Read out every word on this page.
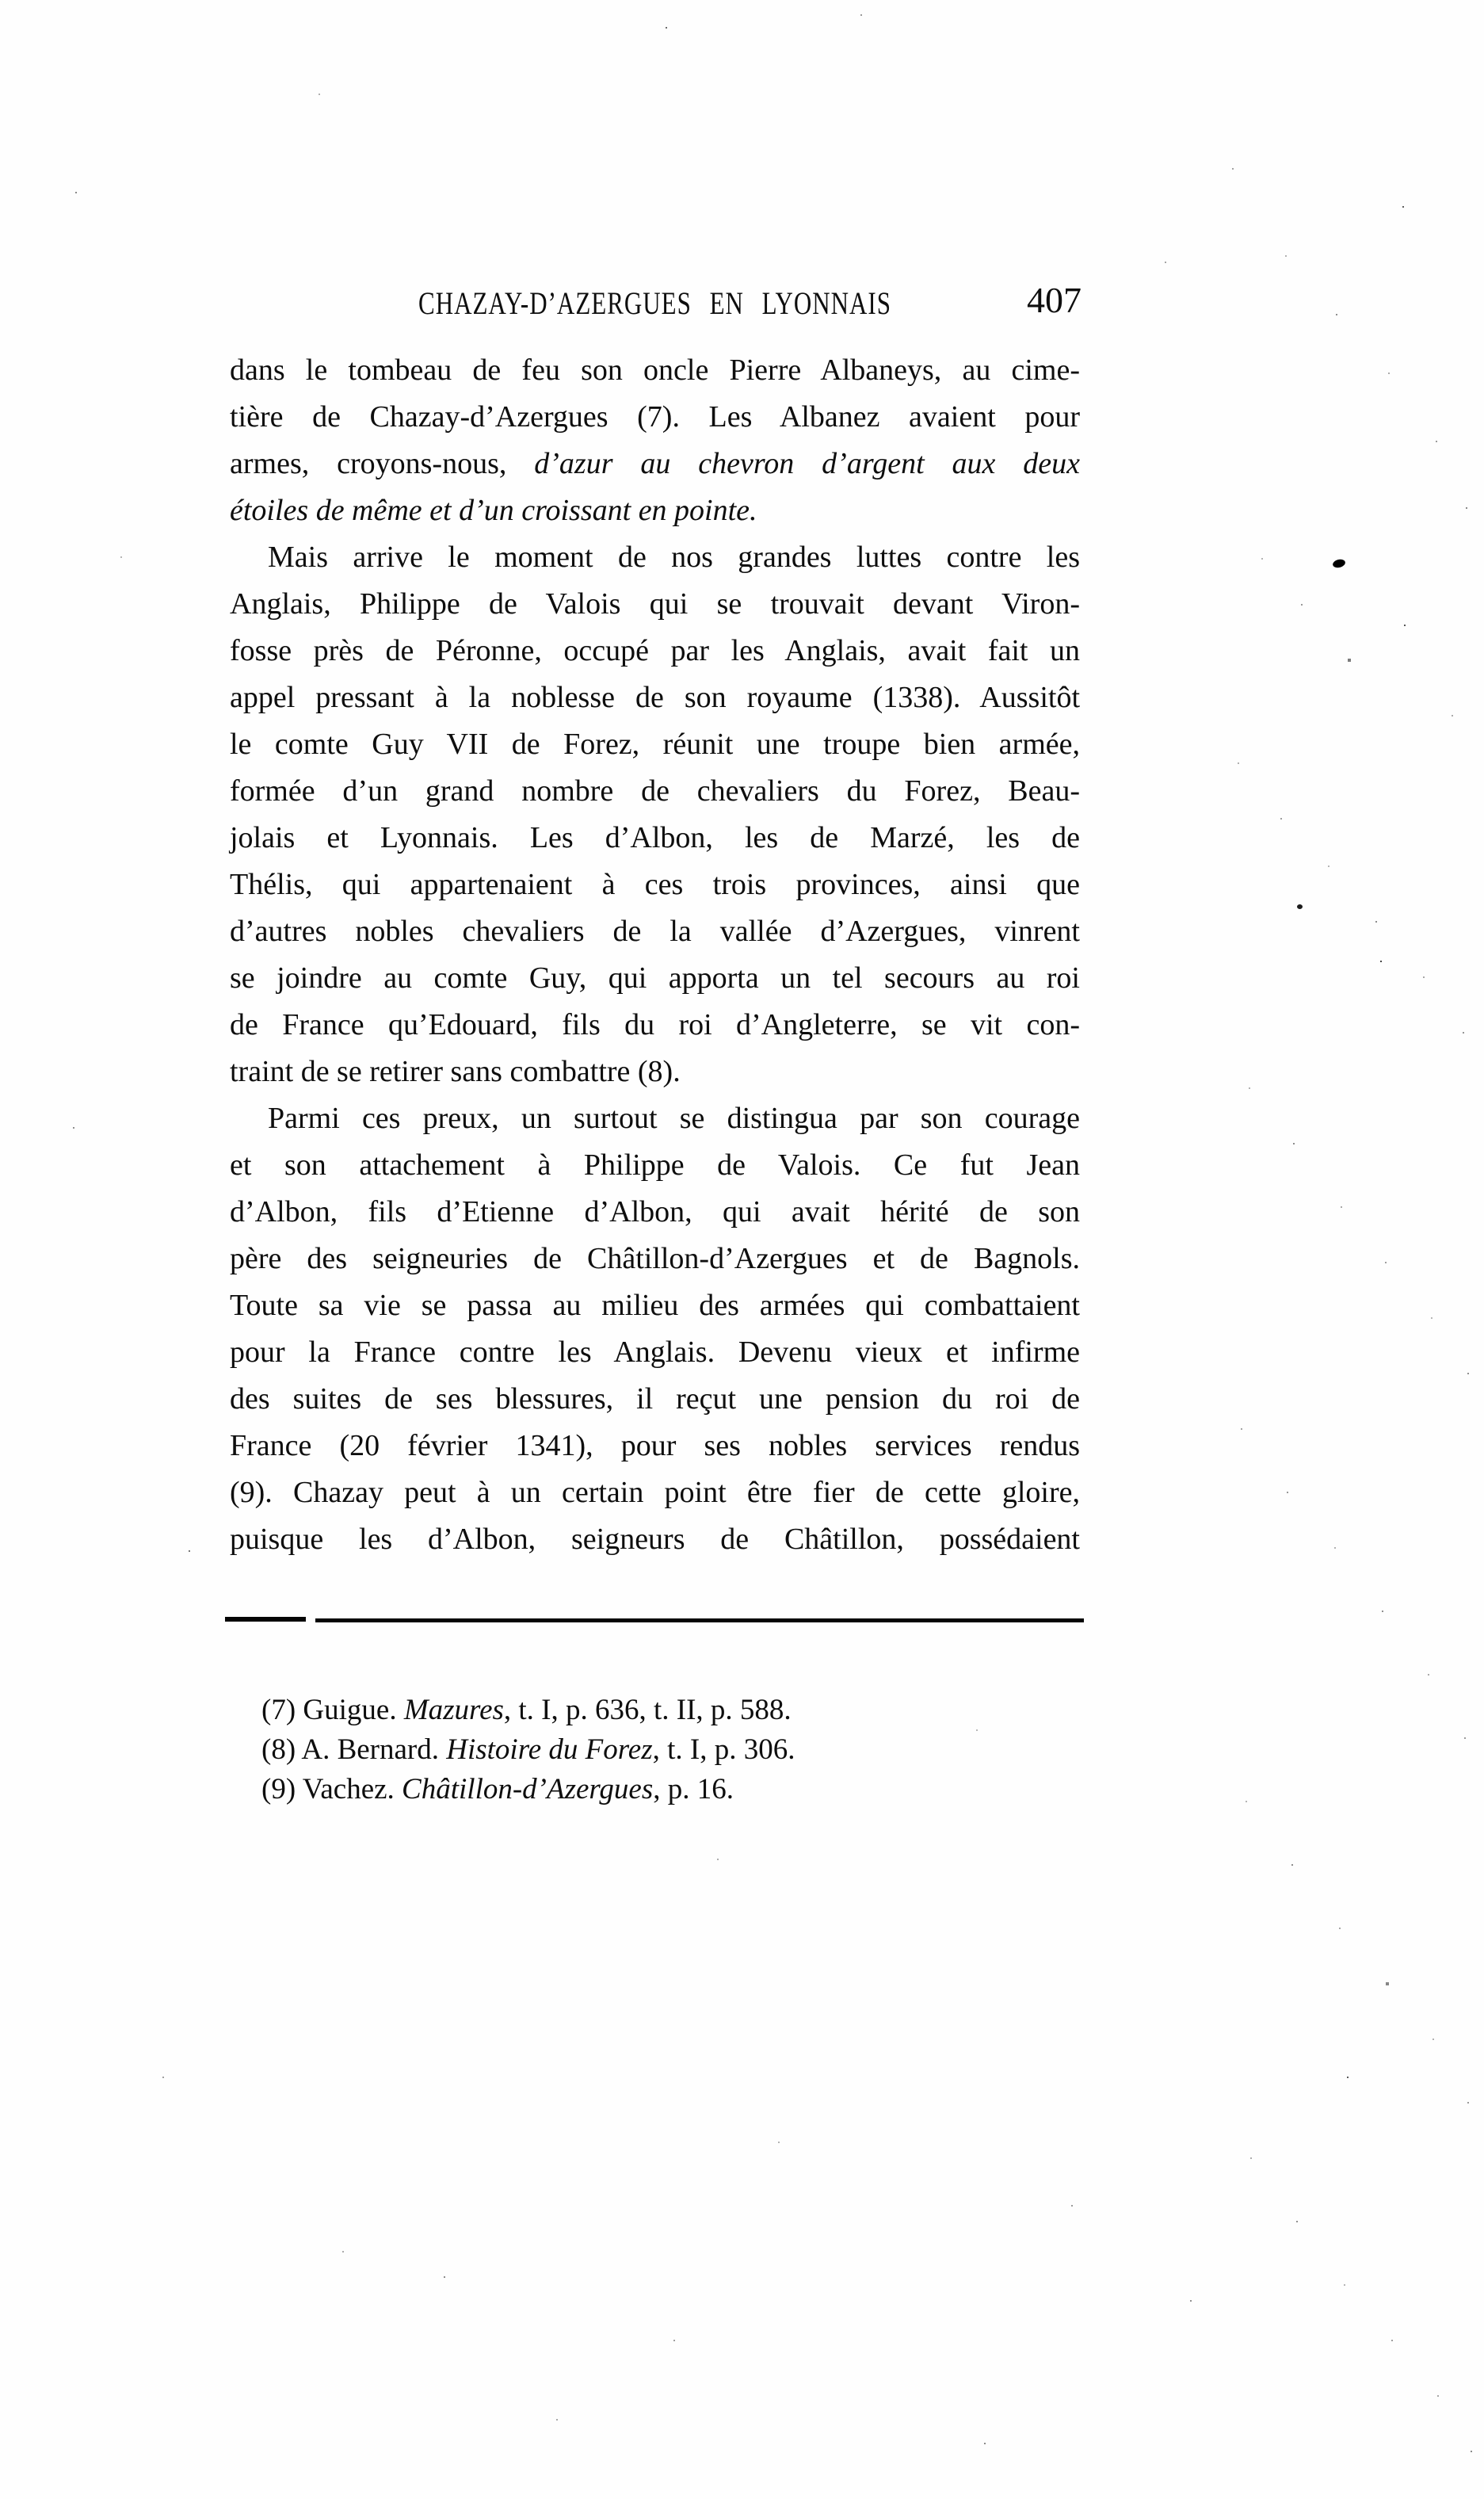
CHAZAY-D’AZERGUES EN LYONNAIS	407
dans le tombeau de feu son oncle Pierre Albaneys, au cime-
tière de Chazay-d’Azergues (7). Les Albanez avaient pour
armes, croyons-nous, d’azur au chevron d’argent aux deux
étoiles de même et d’un croissant en pointe.
Mais arrive le moment de nos grandes luttes contre les
Anglais, Philippe de Valois qui se trouvait devant Viron-
fosse près de Péronne, occupé par les Anglais, avait fait un
appel pressant à la noblesse de son royaume (1338). Aussitôt
le comte Guy VII de Forez, réunit une troupe bien armée,
formée d’un grand nombre de chevaliers du Forez, Beau-
jolais et Lyonnais. Les d’Albon, les de Marzé, les de
Thélis, qui appartenaient à ces trois provinces, ainsi que
d’autres nobles chevaliers de la vallée d’Azergues, vinrent
se joindre au comte Guy, qui apporta un tel secours au roi
de France qu’Edouard, fils du roi d’Angleterre, se vit con-
traint de se retirer sans combattre (8).
Parmi ces preux, un surtout se distingua par son courage
et son attachement à Philippe de Valois. Ce fut Jean
d’Albon, fils d’Etienne d’Albon, qui avait hérité de son
père des seigneuries de Châtillon-d’Azergues et de Bagnols.
Toute sa vie se passa au milieu des armées qui combattaient
pour la France contre les Anglais. Devenu vieux et infirme
des suites de ses blessures, il reçut une pension du roi de
France (20 février 1341), pour ses nobles services rendus
(9). Chazay peut à un certain point être fier de cette gloire,
puisque les d’Albon, seigneurs de Châtillon, possédaient
(7) Guigue. Mazures, t. I, p. 636, t. II, p. 588.
(8) A. Bernard. Histoire du Forez, t. I, p. 306.
(9) Vachez. Châtillon-d’Azergues, p. 16.
